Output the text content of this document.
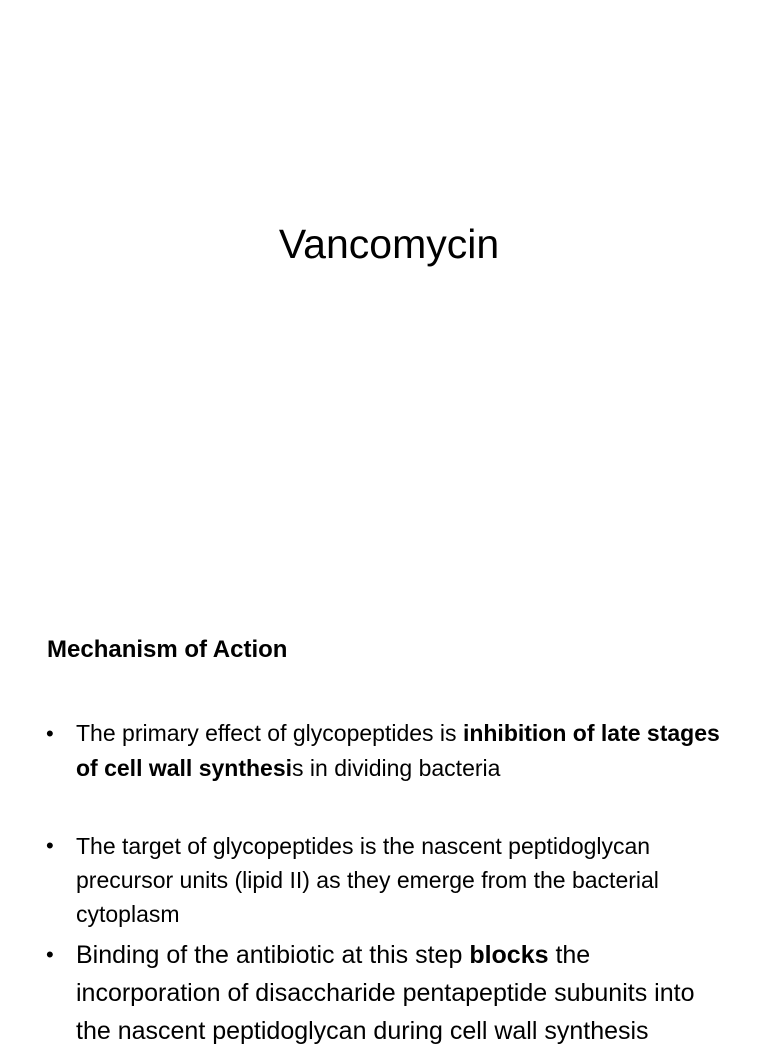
Vancomycin
Mechanism of Action
• The primary effect of glycopeptides is inhibition of late stages of cell wall synthesis in dividing bacteria
• The target of glycopeptides is the nascent peptidoglycan precursor units (lipid II) as they emerge from the bacterial cytoplasm
• Binding of the antibiotic at this step blocks the incorporation of disaccharide pentapeptide subunits into the nascent peptidoglycan during cell wall synthesis
